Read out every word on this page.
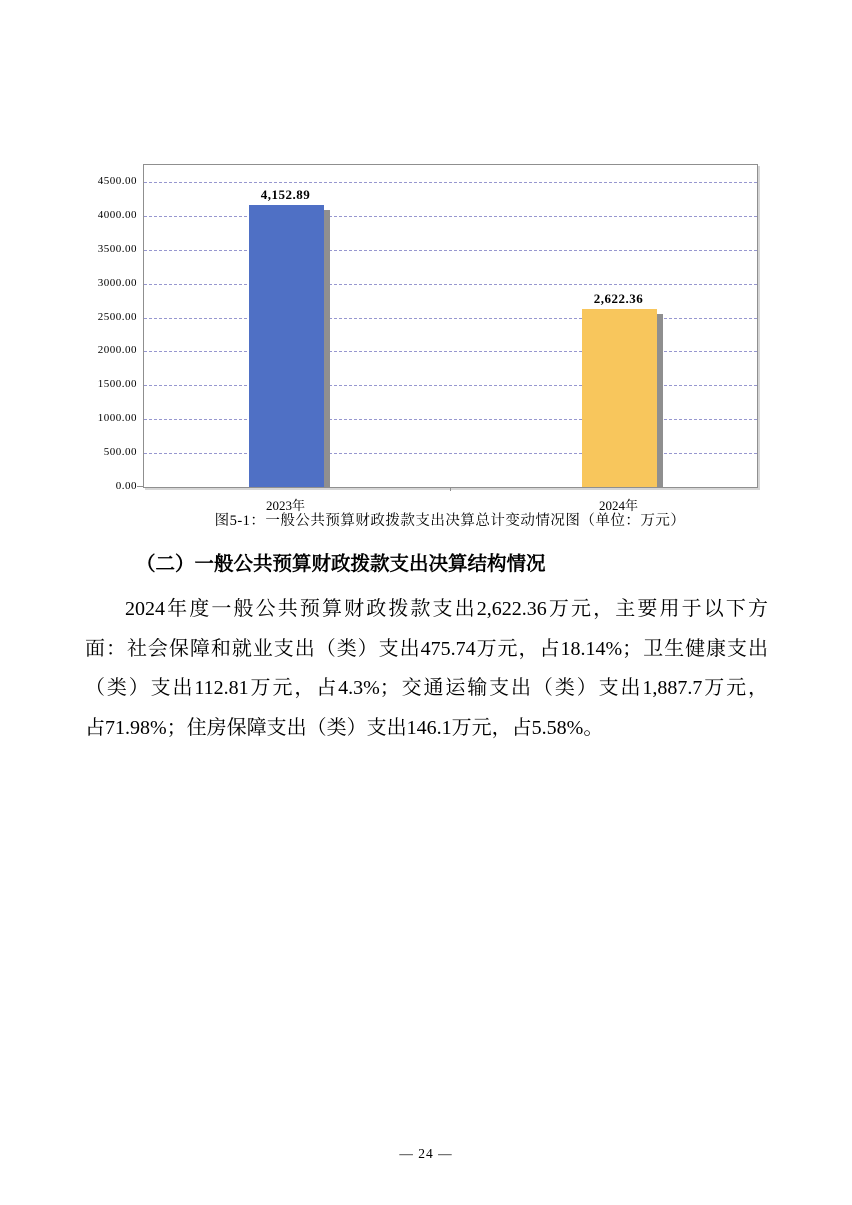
图5-1：一般公共预算财政拨款支出决算总计变动情况图（单位：万元）
0.00
500.00
1000.00
1500.00
2000.00
2500.00
3000.00
3500.00
4000.00
4500.00
4,152.89
2023年
2,622.36
2024年
（二）一般公共预算财政拨款支出决算结构情况
2024年度一般公共预算财政拨款支出2,622.36万元，主要用于以下方
面：社会保障和就业支出（类）支出475.74万元，占18.14%；卫生健康支出
（类）支出112.81万元，占4.3%；交通运输支出（类）支出1,887.7万元，
占71.98%；住房保障支出（类）支出146.1万元，占5.58%。
— 24 —
